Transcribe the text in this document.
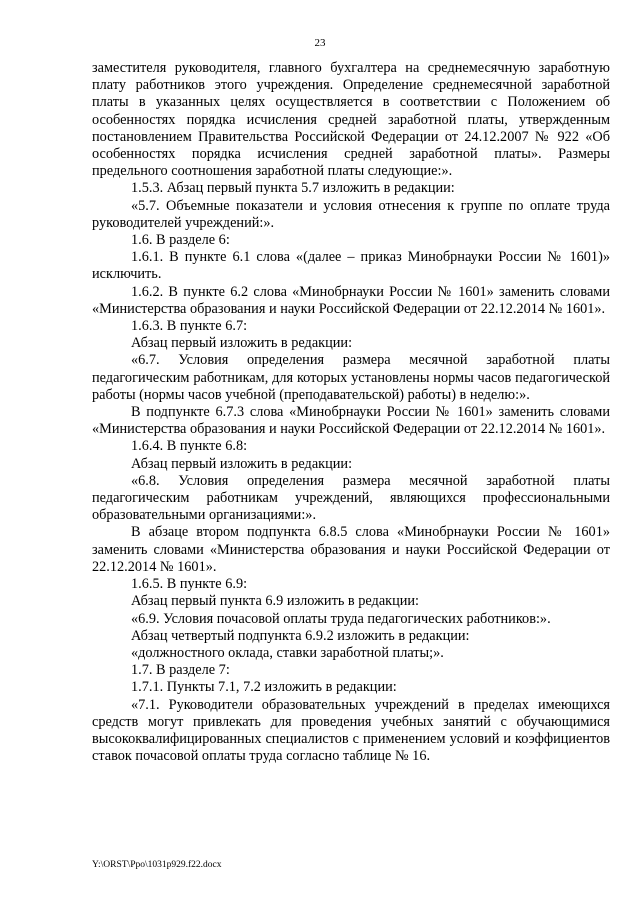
23

заместителя руководителя, главного бухгалтера на среднемесячную заработную плату работников этого учреждения. Определение среднемесячной заработной платы в указанных целях осуществляется в соответствии с Положением об особенностях порядка исчисления средней заработной платы, утвержденным постановлением Правительства Российской Федерации от 24.12.2007 № 922 «Об особенностях порядка исчисления средней заработной платы». Размеры предельного соотношения заработной платы следующие:».

1.5.3. Абзац первый пункта 5.7 изложить в редакции:

«5.7. Объемные показатели и условия отнесения к группе по оплате труда руководителей учреждений:».

1.6. В разделе 6:

1.6.1. В пункте 6.1 слова «(далее – приказ Минобрнауки России № 1601)» исключить.

1.6.2. В пункте 6.2 слова «Минобрнауки России № 1601» заменить словами «Министерства образования и науки Российской Федерации от 22.12.2014 № 1601».

1.6.3. В пункте 6.7:

Абзац первый изложить в редакции:

«6.7. Условия определения размера месячной заработной платы педагогическим работникам, для которых установлены нормы часов педагогической работы (нормы часов учебной (преподавательской) работы) в неделю:».

В подпункте 6.7.3 слова «Минобрнауки России № 1601» заменить словами «Министерства образования и науки Российской Федерации от 22.12.2014 № 1601».

1.6.4. В пункте 6.8:

Абзац первый изложить в редакции:

«6.8. Условия определения размера месячной заработной платы педагогическим работникам учреждений, являющихся профессиональными образовательными организациями:».

В абзаце втором подпункта 6.8.5 слова «Минобрнауки России № 1601» заменить словами «Министерства образования и науки Российской Федерации от 22.12.2014 № 1601».

1.6.5. В пункте 6.9:

Абзац первый пункта 6.9 изложить в редакции:

«6.9. Условия почасовой оплаты труда педагогических работников:».

Абзац четвертый подпункта 6.9.2 изложить в редакции:

«должностного оклада, ставки заработной платы;».

1.7. В разделе 7:

1.7.1. Пункты 7.1, 7.2 изложить в редакции:

«7.1. Руководители образовательных учреждений в пределах имеющихся средств могут привлекать для проведения учебных занятий с обучающимися высококвалифицированных специалистов с применением условий и коэффициентов ставок почасовой оплаты труда согласно таблице № 16.

Y:\ORST\Ppo\1031p929.f22.docx
